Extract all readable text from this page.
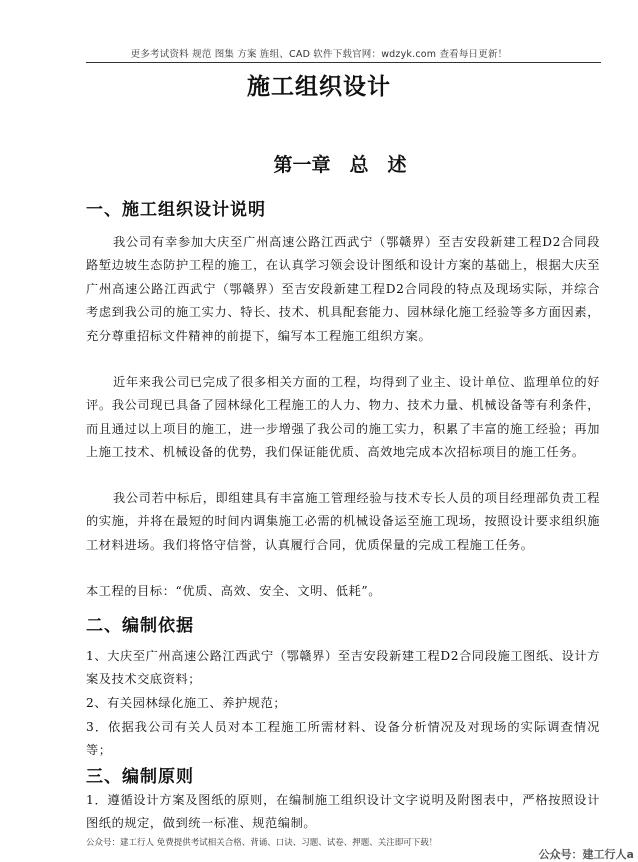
更多考试资料 规范 图集 方案 旌组、CAD 软件下载官网：wdzyk.com 查看每日更新！
施工组织设计
第一章　总　述
一、施工组织设计说明
我公司有幸参加大庆至广州高速公路江西武宁（鄂赣界）至吉安段新建工程D2合同段路堑边坡生态防护工程的施工，在认真学习领会设计图纸和设计方案的基础上，根据大庆至广州高速公路江西武宁（鄂赣界）至吉安段新建工程D2合同段的特点及现场实际，并综合考虑到我公司的施工实力、特长、技术、机具配套能力、园林绿化施工经验等多方面因素，充分尊重招标文件精神的前提下，编写本工程施工组织方案。
近年来我公司已完成了很多相关方面的工程，均得到了业主、设计单位、监理单位的好评。我公司现已具备了园林绿化工程施工的人力、物力、技术力量、机械设备等有利条件，而且通过以上项目的施工，进一步增强了我公司的施工实力，积累了丰富的施工经验；再加上施工技术、机械设备的优势，我们保证能优质、高效地完成本次招标项目的施工任务。
我公司若中标后，即组建具有丰富施工管理经验与技术专长人员的项目经理部负责工程的实施，并将在最短的时间内调集施工必需的机械设备运至施工现场，按照设计要求组织施工材料进场。我们将恪守信誉，认真履行合同，优质保量的完成工程施工任务。
本工程的目标：“优质、高效、安全、文明、低耗”。
二、编制依据
1、大庆至广州高速公路江西武宁（鄂赣界）至吉安段新建工程D2合同段施工图纸、设计方案及技术交底资料；
2、有关园林绿化施工、养护规范；
3．依据我公司有关人员对本工程施工所需材料、设备分析情况及对现场的实际调查情况等；
三、编制原则
1．遵循设计方案及图纸的原则，在编制施工组织设计文字说明及附图表中，严格按照设计图纸的规定，做到统一标准、规范编制。
公众号：建工行人 免费提供考试相关合格、背诵、口诀、习题、试卷、押题、关注即可下载！
公众号：建工行人a
